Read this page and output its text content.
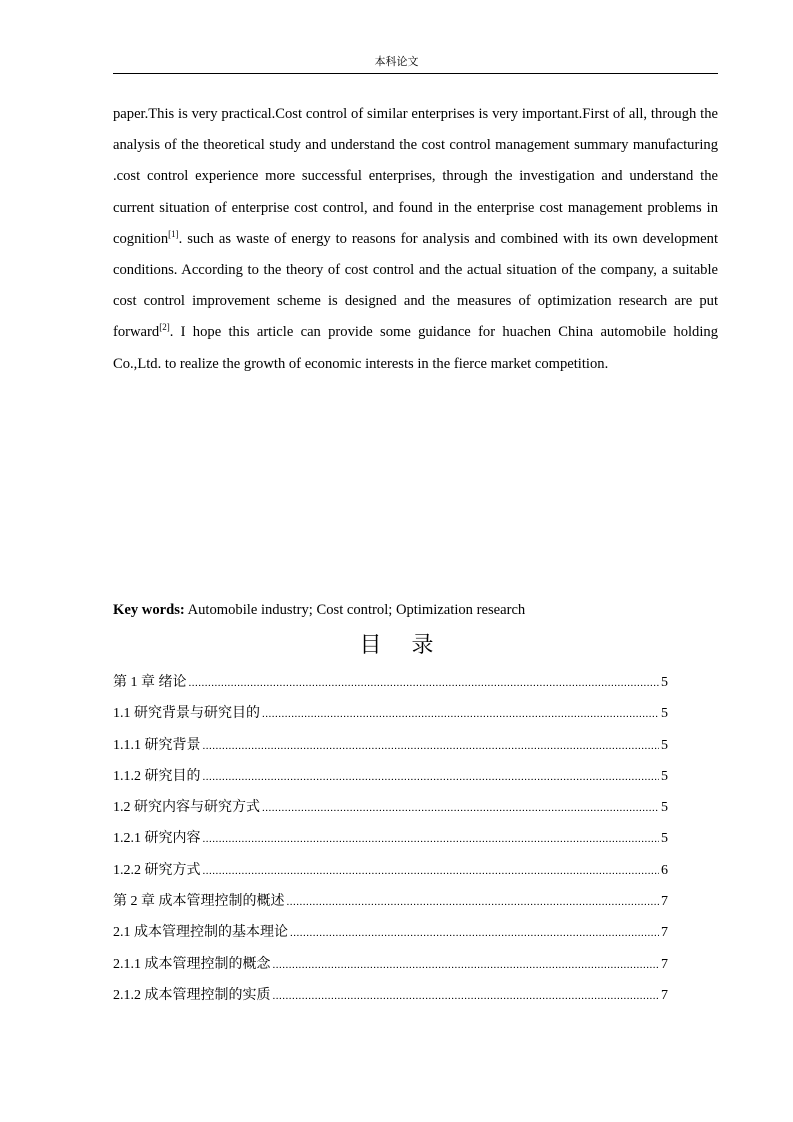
本科论文

paper.This is very practical.Cost control of similar enterprises is very important.First of all, through the analysis of the theoretical study and understand the cost control management summary manufacturing .cost control experience more successful enterprises, through the investigation and understand the current situation of enterprise cost control, and found in the enterprise cost management problems in cognition[1]. such as waste of energy to reasons for analysis and combined with its own development conditions. According to the theory of cost control and the actual situation of the company, a suitable cost control improvement scheme is designed and the measures of optimization research are put forward[2]. I hope this article can provide some guidance for huachen China automobile holding Co.,Ltd. to realize the growth of economic interests in the fierce market competition.

Key words: Automobile industry; Cost control; Optimization research
目录
第 1 章 绪论 .....	5
1.1 研究背景与研究目的 .....	5
1.1.1 研究背景 .....	5
1.1.2 研究目的 .....	5
1.2 研究内容与研究方式 .....	5
1.2.1 研究内容 .....	5
1.2.2 研究方式 .....	6
第 2 章 成本管理控制的概述 .....	7
2.1 成本管理控制的基本理论 .....	7
2.1.1 成本管理控制的概念 .....	7
2.1.2 成本管理控制的实质 .....	7
